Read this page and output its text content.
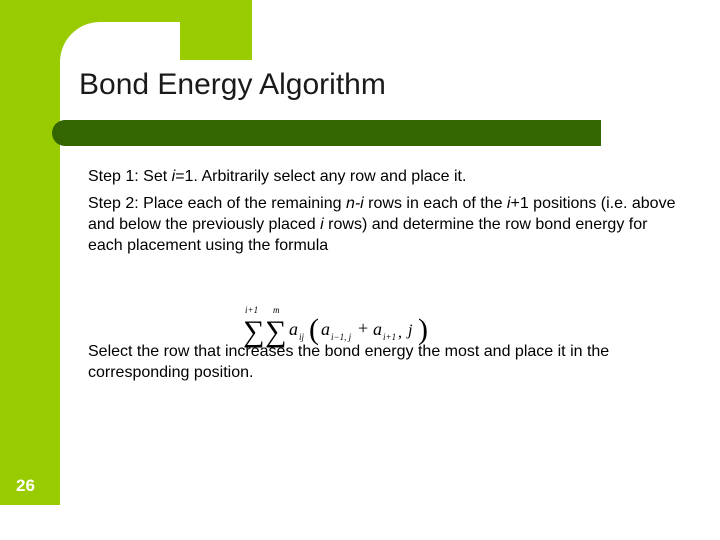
Bond Energy Algorithm
Step 1: Set i=1. Arbitrarily select any row and place it.
Step 2: Place each of the remaining n-i rows in each of the i+1 positions (i.e. above and below the previously placed i rows) and determine the row bond energy for each placement using the formula
i+1 m
∑ ∑ a ij ( a i−1, j + a i+1 , j )
Select the row that increases the bond energy the most and place it in the corresponding position.
26
